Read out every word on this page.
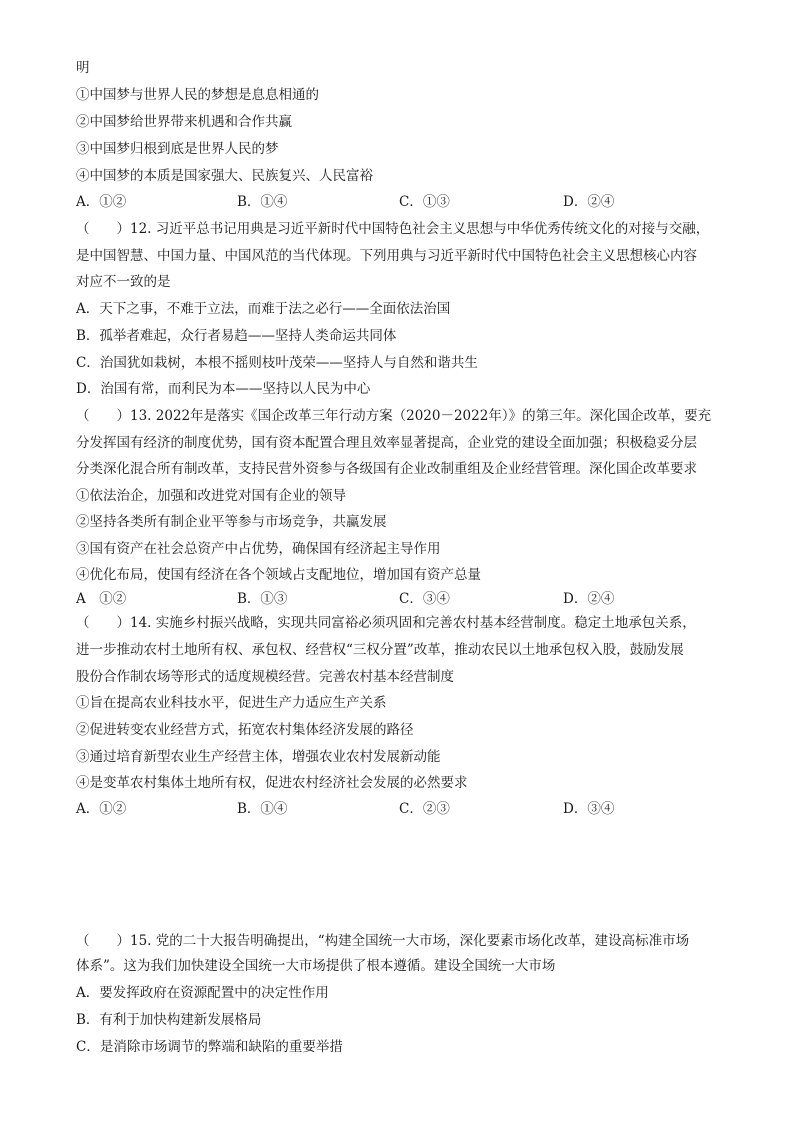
明
①中国梦与世界人民的梦想是息息相通的
②中国梦给世界带来机遇和合作共赢
③中国梦归根到底是世界人民的梦
④中国梦的本质是国家强大、民族复兴、人民富裕
A．①②	B．①④	C．①③	D．②④
（　　）12. 习近平总书记用典是习近平新时代中国特色社会主义思想与中华优秀传统文化的对接与交融，
是中国智慧、中国力量、中国风范的当代体现。下列用典与习近平新时代中国特色社会主义思想核心内容
对应不一致的是
A．天下之事，不难于立法，而难于法之必行——全面依法治国
B．孤举者难起，众行者易趋——坚持人类命运共同体
C．治国犹如栽树，本根不摇则枝叶茂荣——坚持人与自然和谐共生
D．治国有常，而利民为本——坚持以人民为中心
（　　）13. 2022年是落实《国企改革三年行动方案（2020－2022年）》的第三年。深化国企改革，要充
分发挥国有经济的制度优势，国有资本配置合理且效率显著提高，企业党的建设全面加强；积极稳妥分层
分类深化混合所有制改革，支持民营外资参与各级国有企业改制重组及企业经营管理。深化国企改革要求
①依法治企，加强和改进党对国有企业的领导
②坚持各类所有制企业平等参与市场竞争，共赢发展
③国有资产在社会总资产中占优势，确保国有经济起主导作用
④优化布局，使国有经济在各个领域占支配地位，增加国有资产总量
A　①②	B．①③	C．③④	D．②④
（　　）14. 实施乡村振兴战略，实现共同富裕必须巩固和完善农村基本经营制度。稳定土地承包关系，
进一步推动农村土地所有权、承包权、经营权“三权分置”改革，推动农民以土地承包权入股，鼓励发展
股份合作制农场等形式的适度规模经营。完善农村基本经营制度
①旨在提高农业科技水平，促进生产力适应生产关系
②促进转变农业经营方式，拓宽农村集体经济发展的路径
③通过培育新型农业生产经营主体，增强农业农村发展新动能
④是变革农村集体土地所有权，促进农村经济社会发展的必然要求
A．①②	B．①④	C．②③	D．③④
（　　）15. 党的二十大报告明确提出，“构建全国统一大市场，深化要素市场化改革，建设高标准市场
体系”。这为我们加快建设全国统一大市场提供了根本遵循。建设全国统一大市场
A．要发挥政府在资源配置中的决定性作用
B．有利于加快构建新发展格局
C．是消除市场调节的弊端和缺陷的重要举措
